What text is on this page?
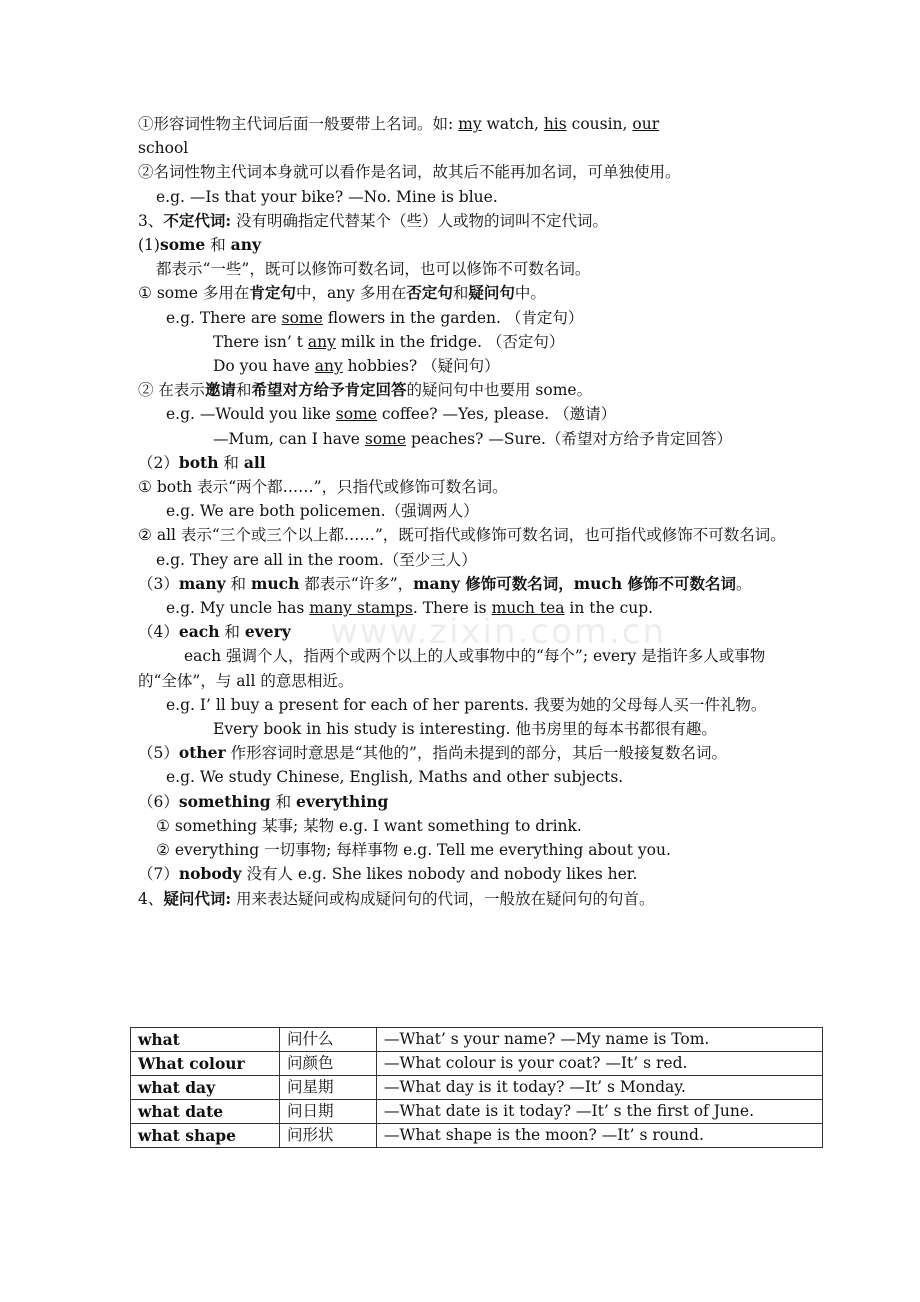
www.zixin.com.cn
①形容词性物主代词后面一般要带上名词。如: my watch, his cousin, our
school
②名词性物主代词本身就可以看作是名词，故其后不能再加名词，可单独使用。
e.g. —Is that your bike? —No. Mine is blue.
3、不定代词: 没有明确指定代替某个（些）人或物的词叫不定代词。
(1)some 和 any
都表示“一些”，既可以修饰可数名词，也可以修饰不可数名词。
① some 多用在肯定句中，any 多用在否定句和疑问句中。
e.g. There are some flowers in the garden. （肯定句）
There isn’ t any milk in the fridge. （否定句）
Do you have any hobbies? （疑问句）
② 在表示邀请和希望对方给予肯定回答的疑问句中也要用 some。
e.g. —Would you like some coffee? —Yes, please. （邀请）
—Mum, can I have some peaches? —Sure.（希望对方给予肯定回答）
（2）both 和 all
① both 表示“两个都……”，只指代或修饰可数名词。
e.g. We are both policemen.（强调两人）
② all 表示“三个或三个以上都……”，既可指代或修饰可数名词，也可指代或修饰不可数名词。
e.g. They are all in the room.（至少三人）
（3）many 和 much 都表示“许多”，many 修饰可数名词，much 修饰不可数名词。
e.g. My uncle has many stamps. There is much tea in the cup.
（4）each 和 every
each 强调个人，指两个或两个以上的人或事物中的“每个”; every 是指许多人或事物的“全体”，与 all 的意思相近。
e.g. I’ ll buy a present for each of her parents. 我要为她的父母每人买一件礼物。
Every book in his study is interesting. 他书房里的每本书都很有趣。
（5）other 作形容词时意思是“其他的”，指尚未提到的部分，其后一般接复数名词。
e.g. We study Chinese, English, Maths and other subjects.
（6）something 和 everything
① something 某事; 某物 e.g. I want something to drink.
② everything 一切事物; 每样事物 e.g. Tell me everything about you.
（7）nobody 没有人 e.g. She likes nobody and nobody likes her.
4、疑问代词: 用来表达疑问或构成疑问句的代词，一般放在疑问句的句首。
what	问什么	—What’ s your name? —My name is Tom.
What colour	问颜色	—What colour is your coat? —It’ s red.
what day	问星期	—What day is it today? —It’ s Monday.
what date	问日期	—What date is it today? —It’ s the first of June.
what shape	问形状	—What shape is the moon? —It’ s round.
